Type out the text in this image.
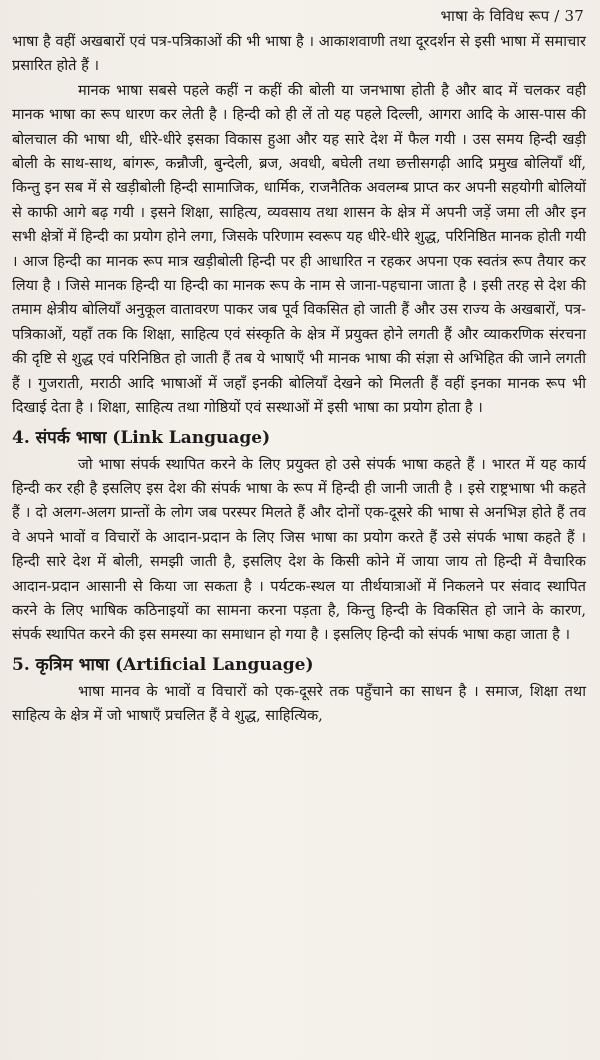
भाषा के विविध रूप / 37

भाषा है वहीं अखबारों एवं पत्र-पत्रिकाओं की भी भाषा है । आकाशवाणी तथा दूरदर्शन से इसी भाषा में समाचार प्रसारित होते हैं ।

मानक भाषा सबसे पहले कहीं न कहीं की बोली या जनभाषा होती है और बाद में चलकर वही मानक भाषा का रूप धारण कर लेती है । हिन्दी को ही लें तो यह पहले दिल्ली, आगरा आदि के आस-पास की बोलचाल की भाषा थी, धीरे-धीरे इसका विकास हुआ और यह सारे देश में फैल गयी । उस समय हिन्दी खड़ी बोली के साथ-साथ, बांगरू, कन्नौजी, बुन्देली, ब्रज, अवधी, बघेली तथा छत्तीसगढ़ी आदि प्रमुख बोलियाँ थीं, किन्तु इन सब में से खड़ीबोली हिन्दी सामाजिक, धार्मिक, राजनैतिक अवलम्ब प्राप्त कर अपनी सहयोगी बोलियों से काफी आगे बढ़ गयी । इसने शिक्षा, साहित्य, व्यवसाय तथा शासन के क्षेत्र में अपनी जड़ें जमा ली और इन सभी क्षेत्रों में हिन्दी का प्रयोग होने लगा, जिसके परिणाम स्वरूप यह धीरे-धीरे शुद्ध, परिनिष्ठित मानक होती गयी । आज हिन्दी का मानक रूप मात्र खड़ीबोली हिन्दी पर ही आधारित न रहकर अपना एक स्वतंत्र रूप तैयार कर लिया है । जिसे मानक हिन्दी या हिन्दी का मानक रूप के नाम से जाना-पहचाना जाता है । इसी तरह से देश की तमाम क्षेत्रीय बोलियाँ अनुकूल वातावरण पाकर जब पूर्व विकसित हो जाती हैं और उस राज्य के अखबारों, पत्र-पत्रिकाओं, यहाँ तक कि शिक्षा, साहित्य एवं संस्कृति के क्षेत्र में प्रयुक्त होने लगती हैं और व्याकरणिक संरचना की दृष्टि से शुद्ध एवं परिनिष्ठित हो जाती हैं तब ये भाषाएँ भी मानक भाषा की संज्ञा से अभिहित की जाने लगती हैं । गुजराती, मराठी आदि भाषाओं में जहाँ इनकी बोलियाँ देखने को मिलती हैं वहीं इनका मानक रूप भी दिखाई देता है । शिक्षा, साहित्य तथा गोष्ठियों एवं सस्थाओं में इसी भाषा का प्रयोग होता है ।

4. संपर्क भाषा (Link Language)

जो भाषा संपर्क स्थापित करने के लिए प्रयुक्त हो उसे संपर्क भाषा कहते हैं । भारत में यह कार्य हिन्दी कर रही है इसलिए इस देश की संपर्क भाषा के रूप में हिन्दी ही जानी जाती है । इसे राष्ट्रभाषा भी कहते हैं । दो अलग-अलग प्रान्तों के लोग जब परस्पर मिलते हैं और दोनों एक-दूसरे की भाषा से अनभिज्ञ होते हैं तव वे अपने भावों व विचारों के आदान-प्रदान के लिए जिस भाषा का प्रयोग करते हैं उसे संपर्क भाषा कहते हैं । हिन्दी सारे देश में बोली, समझी जाती है, इसलिए देश के किसी कोने में जाया जाय तो हिन्दी में वैचारिक आदान-प्रदान आसानी से किया जा सकता है । पर्यटक-स्थल या तीर्थयात्राओं में निकलने पर संवाद स्थापित करने के लिए भाषिक कठिनाइयों का सामना करना पड़ता है, किन्तु हिन्दी के विकसित हो जाने के कारण, संपर्क स्थापित करने की इस समस्या का समाधान हो गया है । इसलिए हिन्दी को संपर्क भाषा कहा जाता है ।

5. कृत्रिम भाषा (Artificial Language)

भाषा मानव के भावों व विचारों को एक-दूसरे तक पहुँचाने का साधन है । समाज, शिक्षा तथा साहित्य के क्षेत्र में जो भाषाएँ प्रचलित हैं वे शुद्ध, साहित्यिक,
